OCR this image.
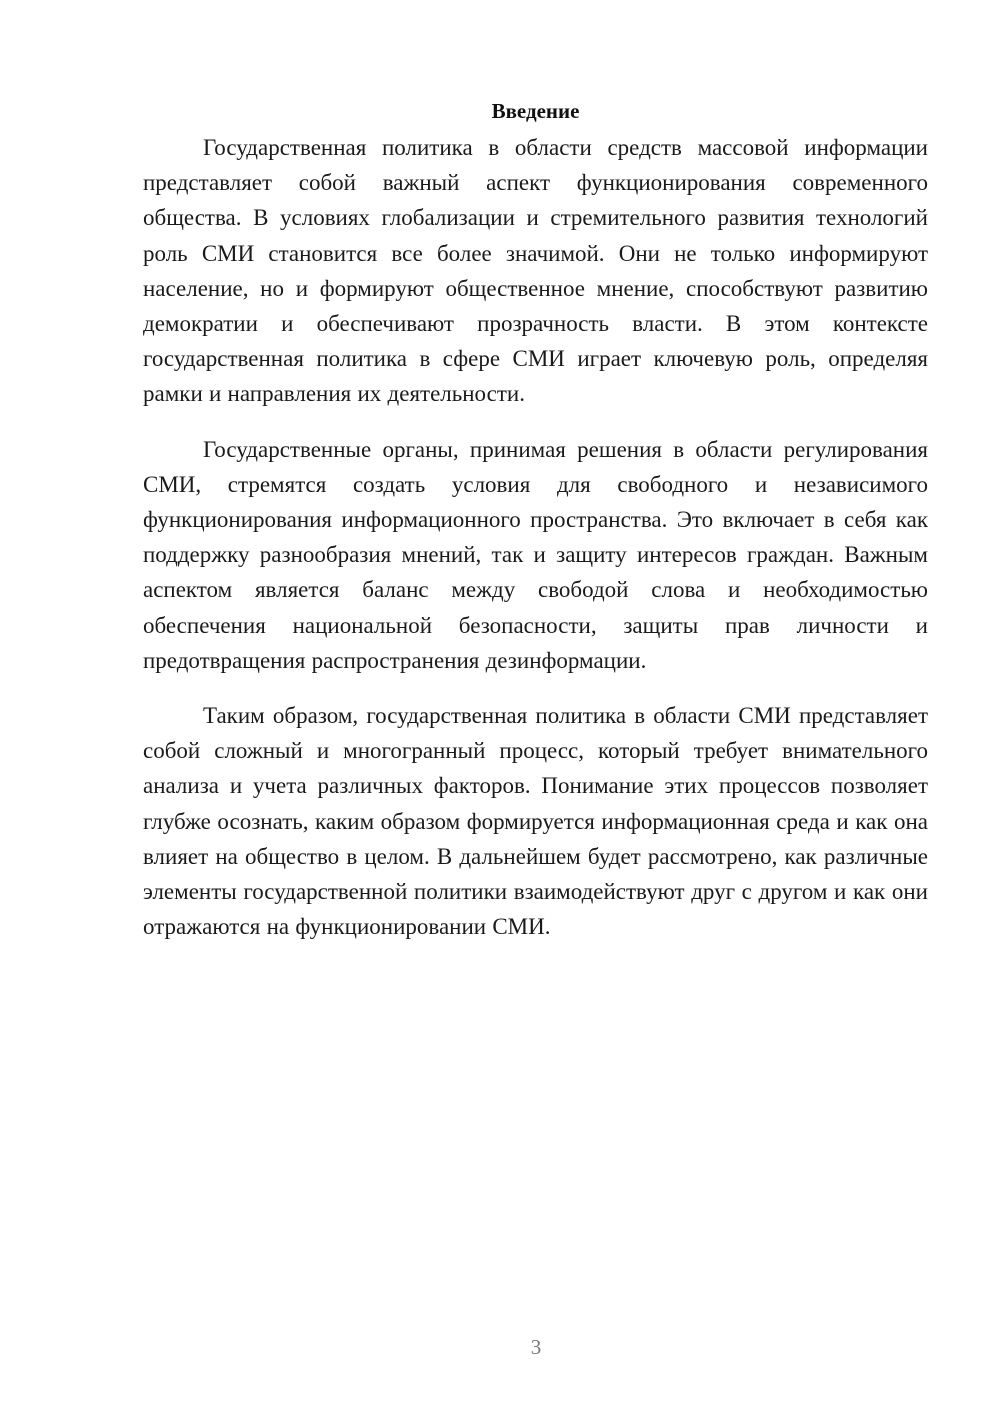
Введение

Государственная политика в области средств массовой информации представляет собой важный аспект функционирования современного общества. В условиях глобализации и стремительного развития технологий роль СМИ становится все более значимой. Они не только информируют население, но и формируют общественное мнение, способствуют развитию демократии и обеспечивают прозрачность власти. В этом контексте государственная политика в сфере СМИ играет ключевую роль, определяя рамки и направления их деятельности.

Государственные органы, принимая решения в области регулирования СМИ, стремятся создать условия для свободного и независимого функционирования информационного пространства. Это включает в себя как поддержку разнообразия мнений, так и защиту интересов граждан. Важным аспектом является баланс между свободой слова и необходимостью обеспечения национальной безопасности, защиты прав личности и предотвращения распространения дезинформации.

Таким образом, государственная политика в области СМИ представляет собой сложный и многогранный процесс, который требует внимательного анализа и учета различных факторов. Понимание этих процессов позволяет глубже осознать, каким образом формируется информационная среда и как она влияет на общество в целом. В дальнейшем будет рассмотрено, как различные элементы государственной политики взаимодействуют друг с другом и как они отражаются на функционировании СМИ.

3
